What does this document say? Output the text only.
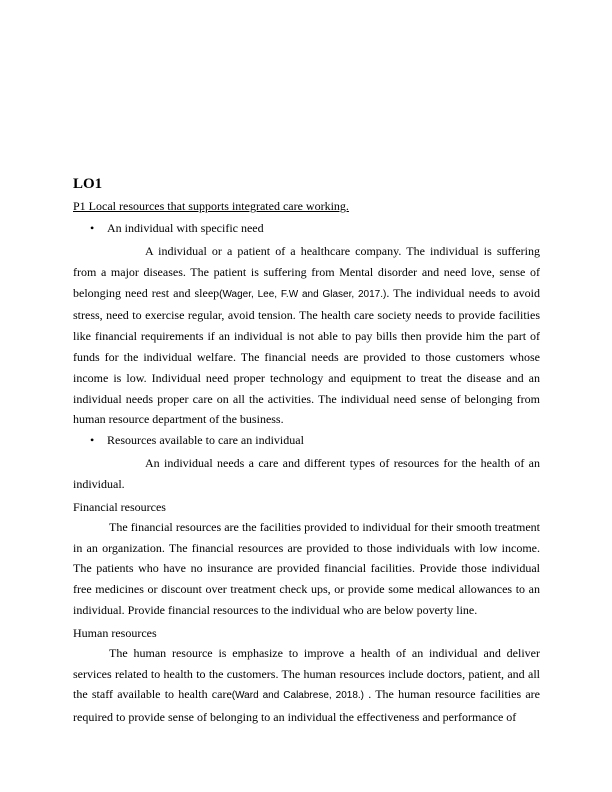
LO1
P1 Local resources that supports integrated care working.
• An individual with specific need

A individual or a patient of a healthcare company. The individual is suffering from a major diseases. The patient is suffering from Mental disorder and need love, sense of belonging need rest and sleep(Wager, Lee, F.W and Glaser, 2017.). The individual needs to avoid stress, need to exercise regular, avoid tension. The health care society needs to provide facilities like financial requirements if an individual is not able to pay bills then provide him the part of funds for the individual welfare. The financial needs are provided to those customers whose income is low. Individual need proper technology and equipment to treat the disease and an individual needs proper care on all the activities. The individual need sense of belonging from human resource department of the business.

• Resources available to care an individual

An individual needs a care and different types of resources for the health of an individual.

Financial resources

The financial resources are the facilities provided to individual for their smooth treatment in an organization. The financial resources are provided to those individuals with low income. The patients who have no insurance are provided financial facilities. Provide those individual free medicines or discount over treatment check ups, or provide some medical allowances to an individual. Provide financial resources to the individual who are below poverty line.

Human resources

The human resource is emphasize to improve a health of an individual and deliver services related to health to the customers. The human resources include doctors, patient, and all the staff available to health care(Ward and Calabrese, 2018.) . The human resource facilities are required to provide sense of belonging to an individual the effectiveness and performance of
